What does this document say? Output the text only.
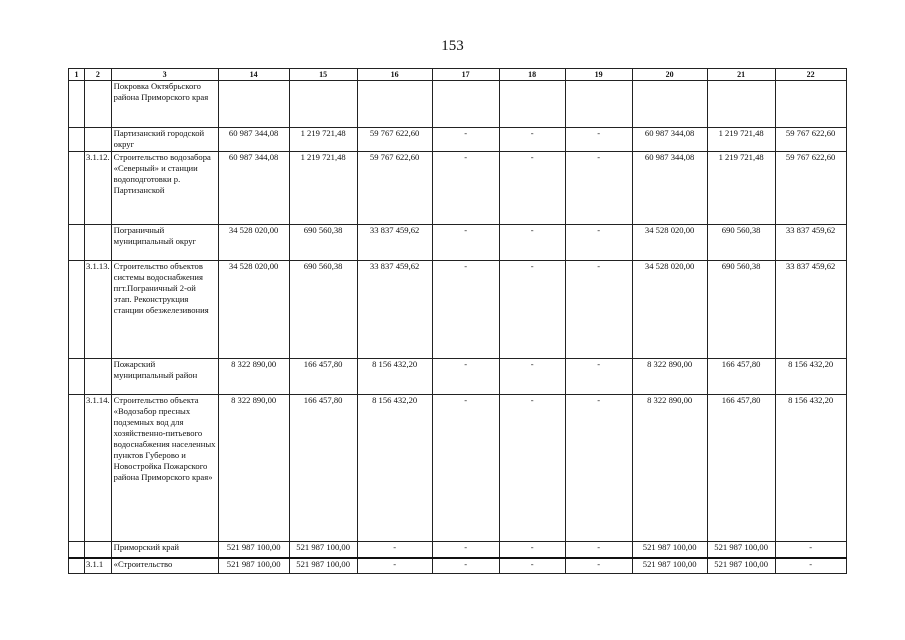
153
1	2	3	14	15	16	17	18	19	20	21	22
		Покровка Октябрьского района Приморского края									
		Партизанский городской округ	60 987 344,08	1 219 721,48	59 767 622,60	-	-	-	60 987 344,08	1 219 721,48	59 767 622,60
	3.1.12.	Строительство водозабора «Северный» и станции водоподготовки р. Партизанской	60 987 344,08	1 219 721,48	59 767 622,60	-	-	-	60 987 344,08	1 219 721,48	59 767 622,60
		Пограничный муниципальный округ	34 528 020,00	690 560,38	33 837 459,62	-	-	-	34 528 020,00	690 560,38	33 837 459,62
	3.1.13.	Строительство объектов системы водоснабжения пгт.Пограничный 2-ой этап. Реконструкция станции обезжелезивония	34 528 020,00	690 560,38	33 837 459,62	-	-	-	34 528 020,00	690 560,38	33 837 459,62
		Пожарский муниципальный район	8 322 890,00	166 457,80	8 156 432,20	-	-	-	8 322 890,00	166 457,80	8 156 432,20
	3.1.14.	Строительство объекта «Водозабор пресных подземных вод для хозяйственно-питьевого водоснабжения населенных пунктов Губерово и Новостройка Пожарского района Приморского края»	8 322 890,00	166 457,80	8 156 432,20	-	-	-	8 322 890,00	166 457,80	8 156 432,20
		Приморский край	521 987 100,00	521 987 100,00	-	-	-	-	521 987 100,00	521 987 100,00	-
	3.1.1	«Строительство	521 987 100,00	521 987 100,00	-	-	-	-	521 987 100,00	521 987 100,00	-
